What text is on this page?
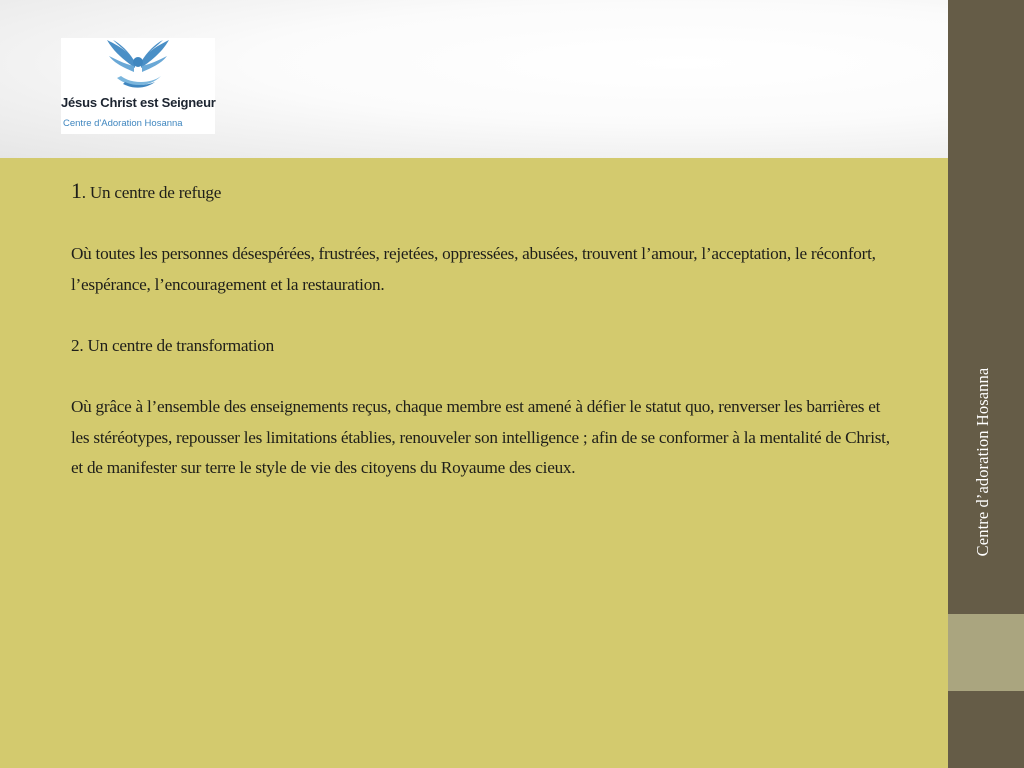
Jésus Christ est Seigneur
Centre d'Adoration Hosanna

1. Un centre de refuge

Où toutes les personnes désespérées, frustrées, rejetées, oppressées, abusées, trouvent l’amour, l’acceptation, le réconfort, l’espérance, l’encouragement et la restauration.

2. Un centre de transformation

Où grâce à l’ensemble des enseignements reçus, chaque membre est amené à défier le statut quo, renverser les barrières et les stéréotypes, repousser les limitations établies, renouveler son intelligence ; afin de se conformer à la mentalité de Christ, et de manifester sur terre le style de vie des citoyens du Royaume des cieux.	Centre d’adoration Hosanna
